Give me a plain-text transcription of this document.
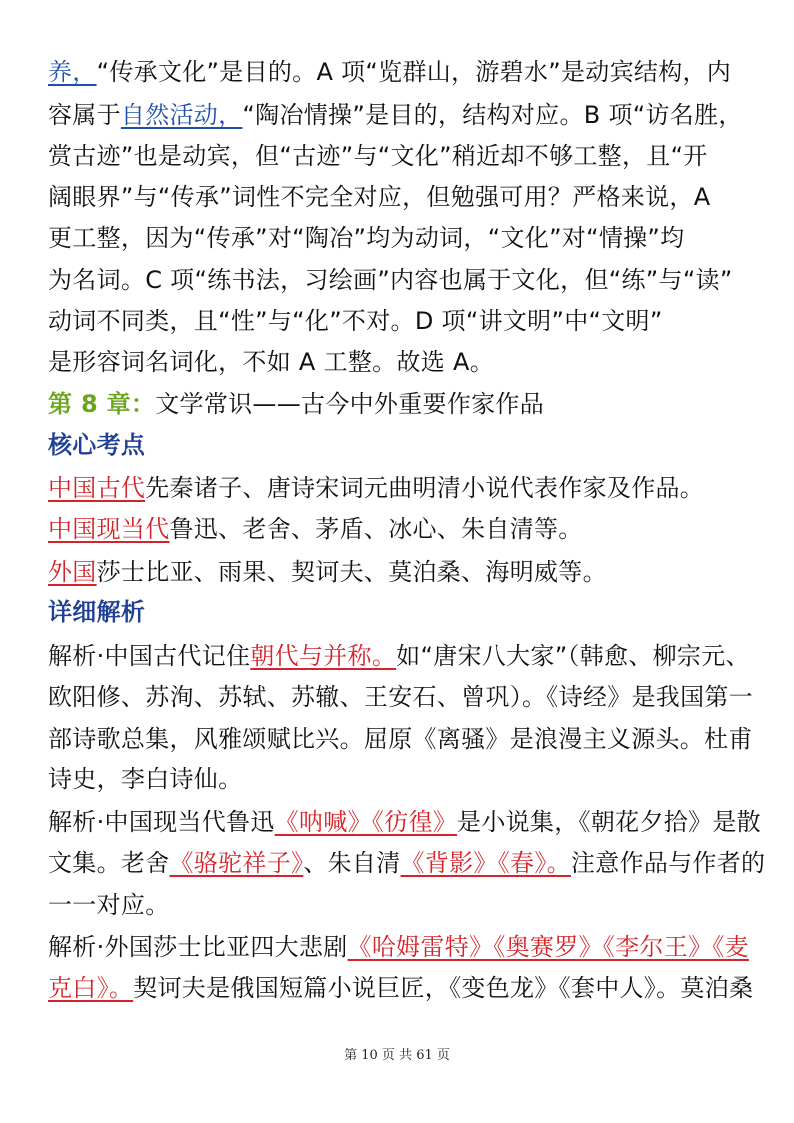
养，“传承文化”是目的。A 项“览群山，游碧水”是动宾结构，内
容属于自然活动，“陶冶情操”是目的，结构对应。B 项“访名胜，
赏古迹”也是动宾，但“古迹”与“文化”稍近却不够工整，且“开
阔眼界”与“传承”词性不完全对应，但勉强可用？严格来说，A
更工整，因为“传承”对“陶冶”均为动词，“文化”对“情操”均
为名词。C 项“练书法，习绘画”内容也属于文化，但“练”与“读”
动词不同类，且“性”与“化”不对。D 项“讲文明”中“文明”
是形容词名词化，不如 A 工整。故选 A。
第 8 章：文学常识——古今中外重要作家作品
核心考点
中国古代先秦诸子、唐诗宋词元曲明清小说代表作家及作品。
中国现当代鲁迅、老舍、茅盾、冰心、朱自清等。
外国莎士比亚、雨果、契诃夫、莫泊桑、海明威等。
详细解析
解析·中国古代记住朝代与并称。如“唐宋八大家”（韩愈、柳宗元、
欧阳修、苏洵、苏轼、苏辙、王安石、曾巩）。《诗经》是我国第一
部诗歌总集，风雅颂赋比兴。屈原《离骚》是浪漫主义源头。杜甫
诗史，李白诗仙。
解析·中国现当代鲁迅《呐喊》《彷徨》是小说集，《朝花夕拾》是散
文集。老舍《骆驼祥子》、朱自清《背影》《春》。注意作品与作者的
一一对应。
解析·外国莎士比亚四大悲剧《哈姆雷特》《奥赛罗》《李尔王》《麦
克白》。契诃夫是俄国短篇小说巨匠，《变色龙》《套中人》。莫泊桑
第 10 页 共 61 页
